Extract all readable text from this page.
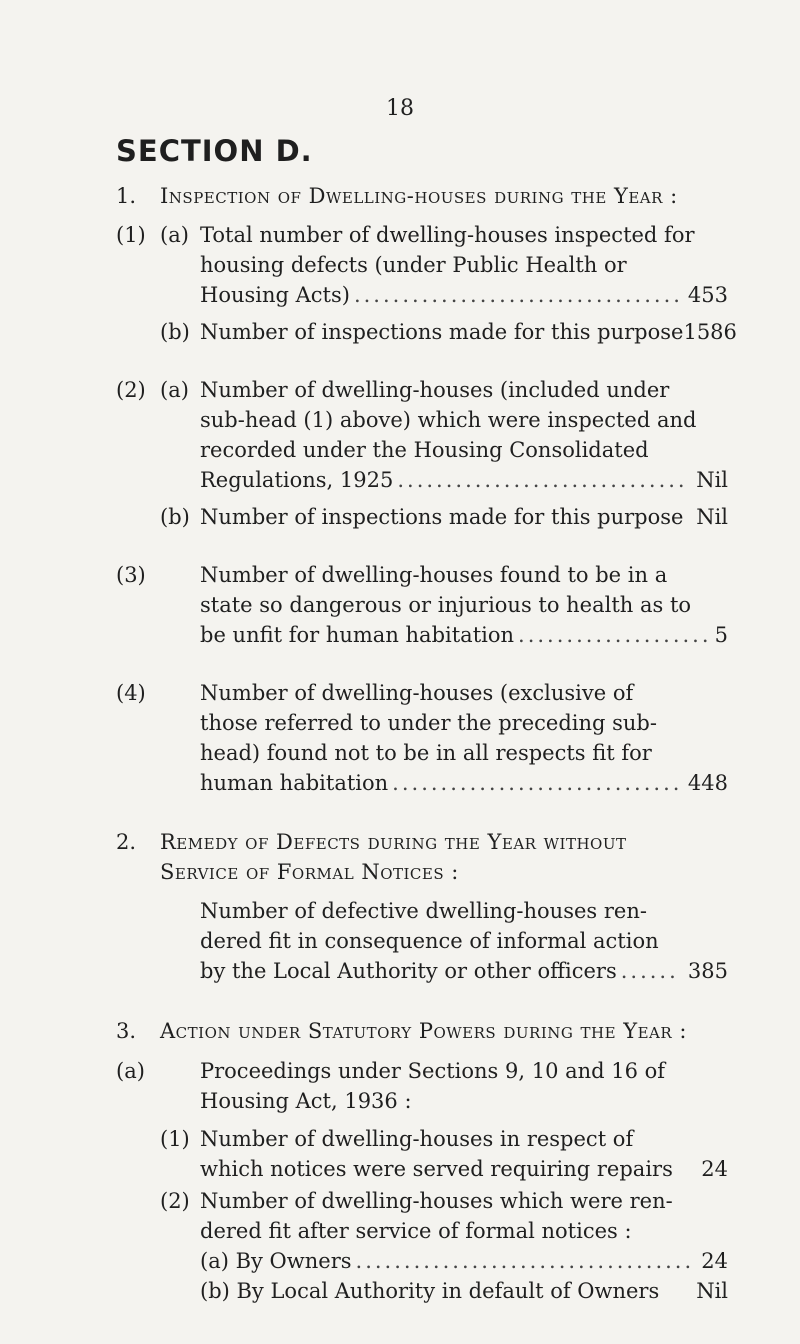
18
SECTION D.
1. Inspection of Dwelling-houses during the Year :
(1) (a) Total number of dwelling-houses inspected for
housing defects (under Public Health or
Housing Acts) .....	453
(b) Number of inspections made for this purpose 1586
(2) (a) Number of dwelling-houses (included under
sub-head (1) above) which were inspected and
recorded under the Housing Consolidated
Regulations, 1925 .....	Nil
(b) Number of inspections made for this purpose Nil
(3)	Number of dwelling-houses found to be in a
state so dangerous or injurious to health as to
be unfit for human habitation .....	5
(4)	Number of dwelling-houses (exclusive of
those referred to under the preceding sub-
head) found not to be in all respects fit for
human habitation .....	448
2. Remedy of Defects during the Year without
Service of Formal Notices :
Number of defective dwelling-houses ren-
dered fit in consequence of informal action
by the Local Authority or other officers .....	385
3. Action under Statutory Powers during the Year :
(a)	Proceedings under Sections 9, 10 and 16 of
Housing Act, 1936 :
(1) Number of dwelling-houses in respect of
which notices were served requiring repairs 24
(2) Number of dwelling-houses which were ren-
dered fit after service of formal notices :
(a) By Owners .....	24
(b) By Local Authority in default of Owners Nil
